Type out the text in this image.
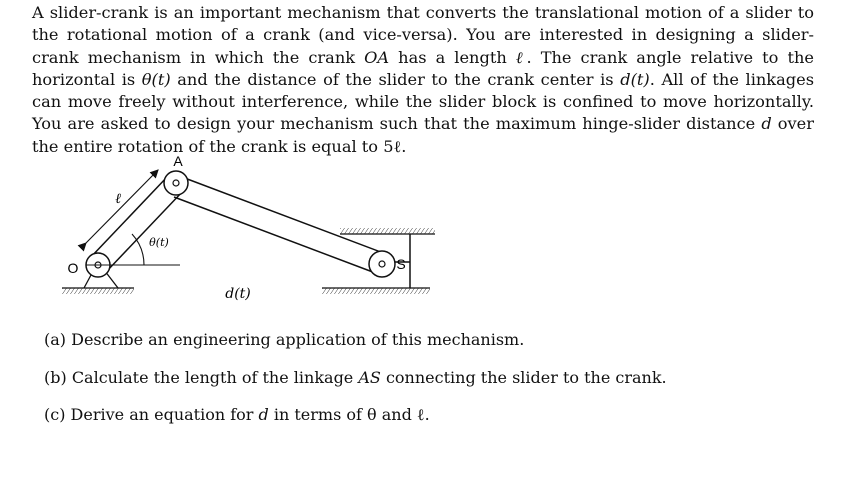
A slider-crank is an important mechanism that converts the translational motion of a slider to the rotational motion of a crank (and vice-versa). You are interested in designing a slider-crank mechanism in which the crank OA has a length ℓ. The crank angle relative to the horizontal is θ(t) and the distance of the slider to the crank center is d(t). All of the linkages can move freely without interference, while the slider block is confined to move horizontally. You are asked to design your mechanism such that the maximum hinge-slider distance d over the entire rotation of the crank is equal to 5ℓ.

A
O	S
ℓ
θ(t)
d(t)
(a) Describe an engineering application of this mechanism.
(b) Calculate the length of the linkage AS connecting the slider to the crank.
(c) Derive an equation for d in terms of θ and ℓ.
